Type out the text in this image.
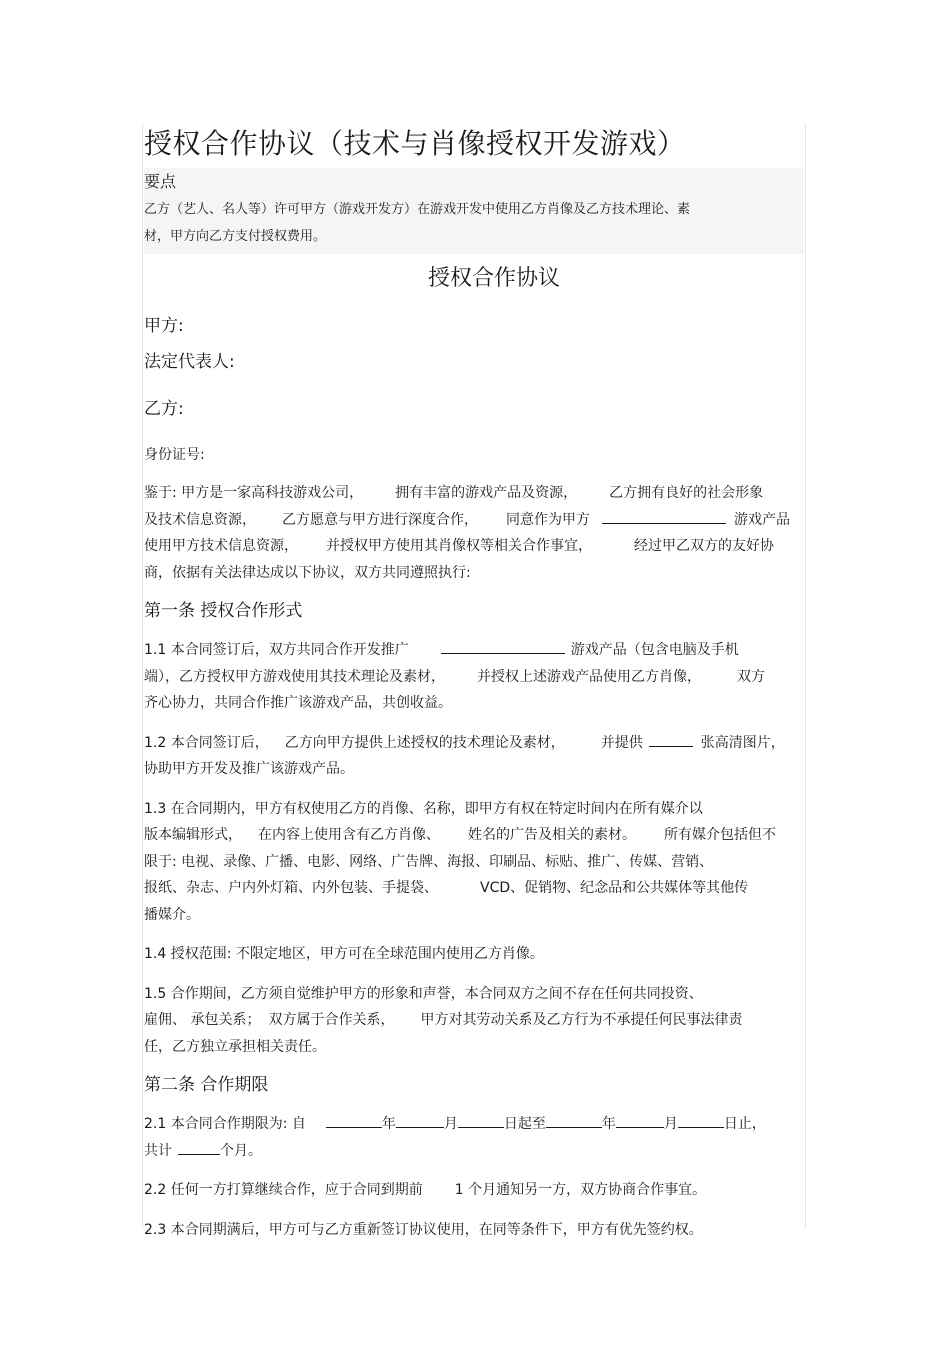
授权合作协议（技术与肖像授权开发游戏）
要点
乙方（艺人、名人等）许可甲方（游戏开发方）在游戏开发中使用乙方肖像及乙方技术理论、素
材，甲方向乙方支付授权费用。
授权合作协议
甲方:
法定代表人:
乙方:
身份证号:
鉴于: 甲方是一家高科技游戏公司， 拥有丰富的游戏产品及资源， 乙方拥有良好的社会形象
及技术信息资源， 乙方愿意与甲方进行深度合作， 同意作为甲方	游戏产品
使用甲方技术信息资源， 并授权甲方使用其肖像权等相关合作事宜，	经过甲乙双方的友好协
商，依据有关法律达成以下协议，双方共同遵照执行:
第一条 授权合作形式
1.1 本合同签订后，双方共同合作开发推广	游戏产品（包含电脑及手机
端），乙方授权甲方游戏使用其技术理论及素材， 并授权上述游戏产品使用乙方肖像，	双方
齐心协力，共同合作推广该游戏产品，共创收益。
1.2 本合同签订后， 乙方向甲方提供上述授权的技术理论及素材，	并提供	张高清图片，
协助甲方开发及推广该游戏产品。
1.3 在合同期内，甲方有权使用乙方的肖像、名称，即甲方有权在特定时间内在所有媒介以
版本编辑形式， 在内容上使用含有乙方肖像、 姓名的广告及相关的素材。 所有媒介包括但不
限于: 电视、录像、广播、电影、网络、广告牌、海报、印刷品、标贴、推广、传媒、营销、
报纸、杂志、户内外灯箱、内外包装、手提袋、	VCD、促销物、纪念品和公共媒体等其他传
播媒介。
1.4 授权范围: 不限定地区，甲方可在全球范围内使用乙方肖像。
1.5 合作期间，乙方须自觉维护甲方的形象和声誉，本合同双方之间不存在任何共同投资、
雇佣、 承包关系； 双方属于合作关系， 甲方对其劳动关系及乙方行为不承提任何民事法律责
任，乙方独立承担相关责任。
第二条 合作期限
2.1 本合同合作期限为: 自	年	月	日起至	年	月	日止，
共计	个月。
2.2 任何一方打算继续合作，应于合同到期前 1 个月通知另一方，双方协商合作事宜。
2.3 本合同期满后，甲方可与乙方重新签订协议使用，在同等条件下，甲方有优先签约权。
